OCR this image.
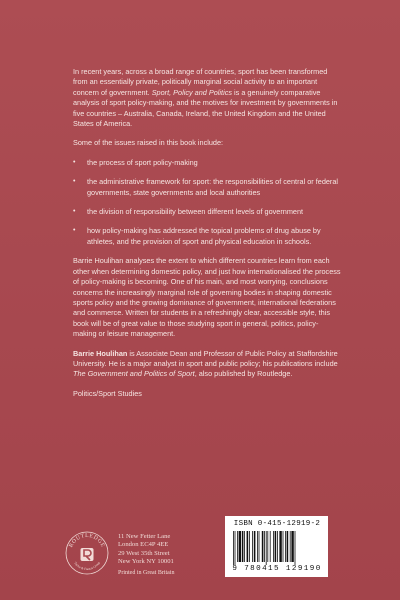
In recent years, across a broad range of countries, sport has been transformed from an essentially private, politically marginal social activity to an important concern of government. Sport, Policy and Politics is a genuinely comparative analysis of sport policy-making, and the motives for investment by governments in five countries – Australia, Canada, Ireland, the United Kingdom and the United States of America.

Some of the issues raised in this book include:

• the process of sport policy-making
• the administrative framework for sport: the responsibilities of central or federal governments, state governments and local authorities
• the division of responsibility between different levels of government
• how policy-making has addressed the topical problems of drug abuse by athletes, and the provision of sport and physical education in schools.

Barrie Houlihan analyses the extent to which different countries learn from each other when determining domestic policy, and just how internationalised the process of policy-making is becoming. One of his main, and most worrying, conclusions concerns the increasingly marginal role of governing bodies in shaping domestic sports policy and the growing dominance of government, international federations and commerce. Written for students in a refreshingly clear, accessible style, this book will be of great value to those studying sport in general, politics, policy-making or leisure management.

Barrie Houlihan is Associate Dean and Professor of Public Policy at Staffordshire University. He is a major analyst in sport and public policy; his publications include The Government and Politics of Sport, also published by Routledge.

Politics/Sport Studies

ROUTLEDGE
Taylor & Francis Group
11 New Fetter Lane
London EC4P 4EE
29 West 35th Street
New York NY 10001
Printed in Great Britain
ISBN 0-415-12919-2
9 780415 129190
